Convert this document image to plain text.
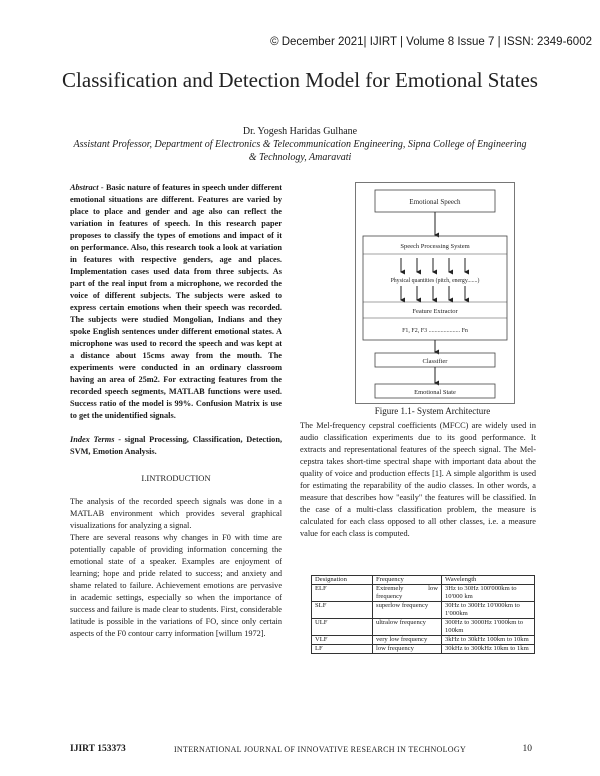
© December 2021| IJIRT | Volume 8 Issue 7 | ISSN: 2349-6002
Classification and Detection Model for Emotional States
Dr. Yogesh Haridas Gulhane
Assistant Professor, Department of Electronics & Telecommunication Engineering, Sipna College of Engineering & Technology, Amaravati

Abstract - Basic nature of features in speech under different emotional situations are different. Features are varied by place to place and gender and age also can reflect the variation in features of speech. In this research paper proposes to classify the types of emotions and impact of it on performance. Also, this research took a look at variation in features with respective genders, age and places. Implementation cases used data from three subjects. As part of the real input from a microphone, we recorded the voice of different subjects. The subjects were asked to express certain emotions when their speech was recorded. The subjects were studied Mongolian, Indians and they spoke English sentences under different emotional states. A microphone was used to record the speech and was kept at a distance about 15cms away from the mouth. The experiments were conducted in an ordinary classroom having an area of 25m2. For extracting features from the recorded speech segments, MATLAB functions were used. Success ratio of the model is 99%. Confusion Matrix is use to get the unidentified signals.

Index Terms - signal Processing, Classification, Detection, SVM, Emotion Analysis.

I.INTRODUCTION

The analysis of the recorded speech signals was done in a MATLAB environment which provides several graphical visualizations for analyzing a signal.

There are several reasons why changes in F0 with time are potentially capable of providing information concerning the emotional state of a speaker. Examples are enjoyment of learning; hope and pride related to success; and anxiety and shame related to failure. Achievement emotions are pervasive in academic settings, especially so when the importance of success and failure is made clear to students. First, considerable latitude is possible in the variations of FO, since only certain aspects of the F0 contour carry information [willum 1972].

Emotional Speech
Speech Processing System
Physical quantities (pitch, energy.......)
Feature Extractor
F1, F2, F3 ..................... Fn
Classifier
Emotional State
Figure 1.1- System Architecture

The Mel-frequency cepstral coefficients (MFCC) are widely used in audio classification experiments due to its good performance. It extracts and representational features of the speech signal. The Mel-cepstra takes short-time spectral shape with important data about the quality of voice and production effects [1]. A simple algorithm is used for estimating the reparability of the audio classes. In other words, a measure that describes how "easily" the features will be classified. In the case of a multi-class classification problem, the measure is calculated for each class opposed to all other classes, i.e. a measure value for each class is computed.

Designation	Frequency	Wavelength
ELF	Extremely low frequency	3Hz to 30Hz 100'000km to 10'000 km
SLF	superlow frequency	30Hz to 300Hz 10'000km to 1'000km
ULF	ultralow frequency	300Hz to 3000Hz 1'000km to 100km
VLF	very low frequency	3kHz to 30kHz 100km to 10km
LF	low frequency	30kHz to 300kHz 10km to 1km
IJIRT 153373	INTERNATIONAL JOURNAL OF INNOVATIVE RESEARCH IN TECHNOLOGY	10
